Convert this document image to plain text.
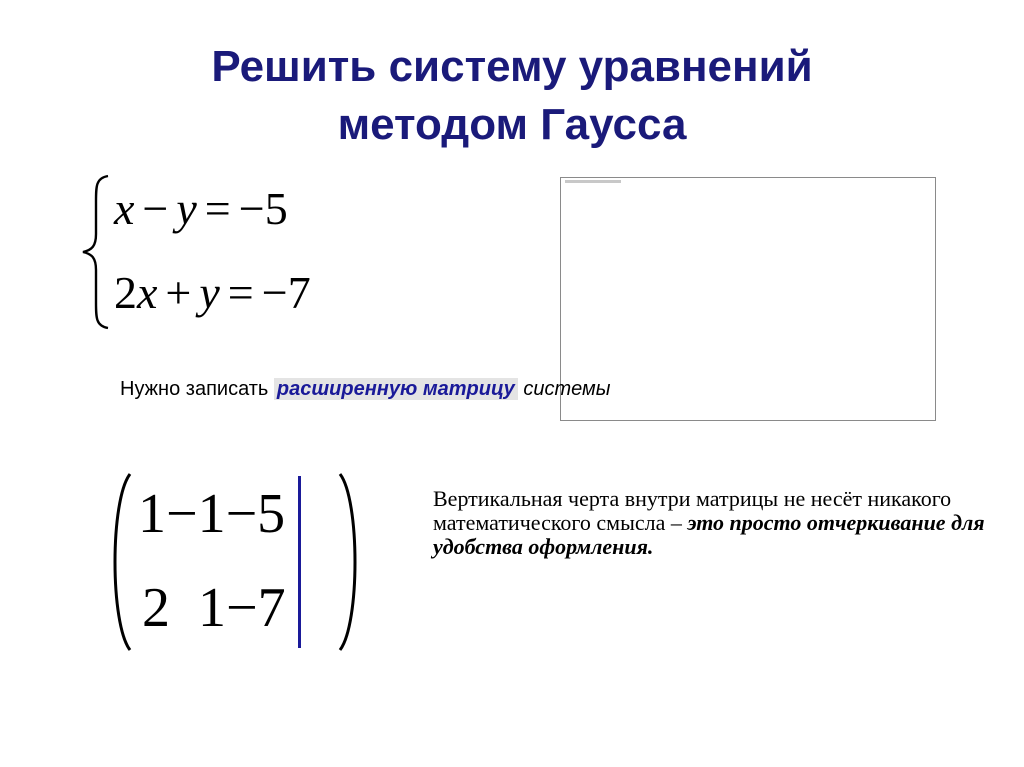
Решить систему уравнений
методом Гаусса
x − y = −5
2x + y = −7
Нужно записать расширенную матрицу системы
1−1−5
2 1−7
Вертикальная черта внутри матрицы не несёт никакого математического смысла – это просто отчеркивание для удобства оформления.
